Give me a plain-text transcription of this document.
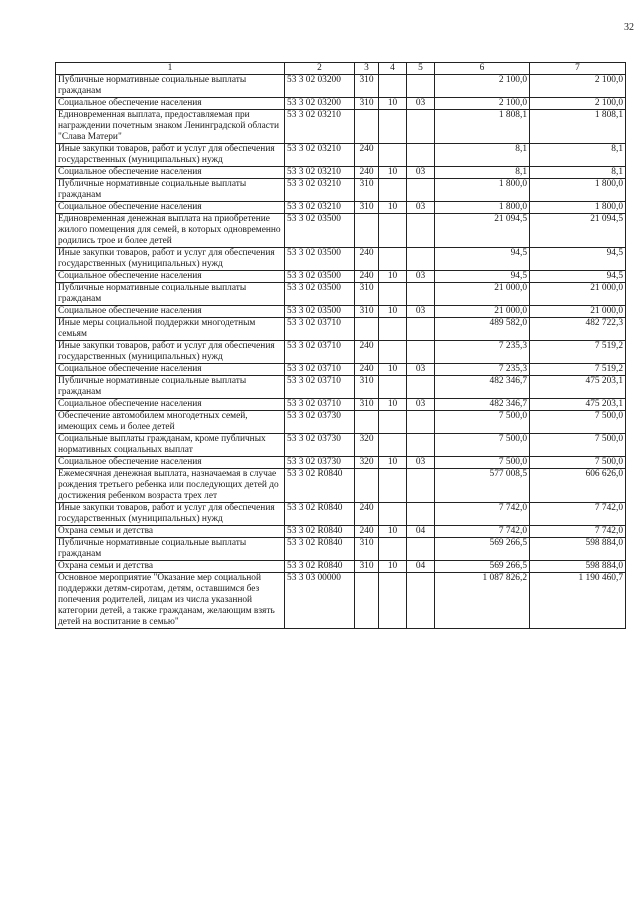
32
1	2	3	4	5	6	7
Публичные нормативные социальные выплаты гражданам	53 3 02 03200	310			2 100,0	2 100,0
Социальное обеспечение населения	53 3 02 03200	310	10	03	2 100,0	2 100,0
Единовременная выплата, предоставляемая при награждении почетным знаком Ленинградской области "Слава Матери"	53 3 02 03210				1 808,1	1 808,1
Иные закупки товаров, работ и услуг для обеспечения государственных (муниципальных) нужд	53 3 02 03210	240			8,1	8,1
Социальное обеспечение населения	53 3 02 03210	240	10	03	8,1	8,1
Публичные нормативные социальные выплаты гражданам	53 3 02 03210	310			1 800,0	1 800,0
Социальное обеспечение населения	53 3 02 03210	310	10	03	1 800,0	1 800,0
Единовременная денежная выплата на приобретение жилого помещения для семей, в которых одновременно родились трое и более детей	53 3 02 03500				21 094,5	21 094,5
Иные закупки товаров, работ и услуг для обеспечения государственных (муниципальных) нужд	53 3 02 03500	240			94,5	94,5
Социальное обеспечение населения	53 3 02 03500	240	10	03	94,5	94,5
Публичные нормативные социальные выплаты гражданам	53 3 02 03500	310			21 000,0	21 000,0
Социальное обеспечение населения	53 3 02 03500	310	10	03	21 000,0	21 000,0
Иные меры социальной поддержки многодетным семьям	53 3 02 03710				489 582,0	482 722,3
Иные закупки товаров, работ и услуг для обеспечения государственных (муниципальных) нужд	53 3 02 03710	240			7 235,3	7 519,2
Социальное обеспечение населения	53 3 02 03710	240	10	03	7 235,3	7 519,2
Публичные нормативные социальные выплаты гражданам	53 3 02 03710	310			482 346,7	475 203,1
Социальное обеспечение населения	53 3 02 03710	310	10	03	482 346,7	475 203,1
Обеспечение автомобилем многодетных семей, имеющих семь и более детей	53 3 02 03730				7 500,0	7 500,0
Социальные выплаты гражданам, кроме публичных нормативных социальных выплат	53 3 02 03730	320			7 500,0	7 500,0
Социальное обеспечение населения	53 3 02 03730	320	10	03	7 500,0	7 500,0
Ежемесячная денежная выплата, назначаемая в случае рождения третьего ребенка или последующих детей до достижения ребенком возраста трех лет	53 3 02 R0840				577 008,5	606 626,0
Иные закупки товаров, работ и услуг для обеспечения государственных (муниципальных) нужд	53 3 02 R0840	240			7 742,0	7 742,0
Охрана семьи и детства	53 3 02 R0840	240	10	04	7 742,0	7 742,0
Публичные нормативные социальные выплаты гражданам	53 3 02 R0840	310			569 266,5	598 884,0
Охрана семьи и детства	53 3 02 R0840	310	10	04	569 266,5	598 884,0
Основное мероприятие "Оказание мер социальной поддержки детям-сиротам, детям, оставшимся без попечения родителей, лицам из числа указанной категории детей, а также гражданам, желающим взять детей на воспитание в семью"	53 3 03 00000				1 087 826,2	1 190 460,7
